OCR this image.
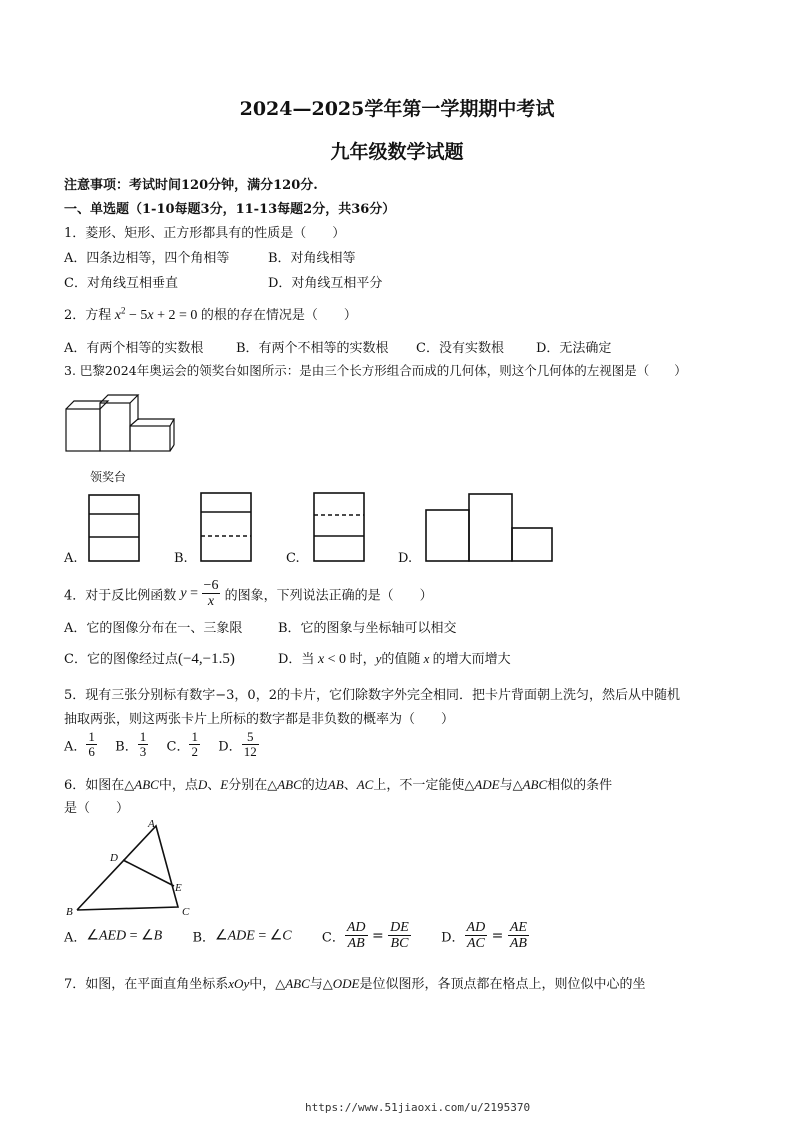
2024—2025学年第一学期期中考试
九年级数学试题
注意事项：考试时间120分钟，满分120分.
一、单选题（1-10每题3分，11-13每题2分，共36分）
1．菱形、矩形、正方形都具有的性质是（　　）
A．四条边相等，四个角相等	B．对角线相等
C．对角线互相垂直	D．对角线互相平分
2．方程 $x^2 - 5x + 2 = 0$ 的根的存在情况是（　　）
A．有两个相等的实数根	B．有两个不相等的实数根 C．没有实数根 D．无法确定
3. 巴黎2024年奥运会的领奖台如图所示：是由三个长方形组合而成的几何体，则这个几何体的左视图是（　　）
领奖台
A.	B.	C.	D.
4．对于反比例函数 $y = \frac{-6}{x}$ 的图象，下列说法正确的是（　　）
A．它的图像分布在一、三象限	B．它的图象与坐标轴可以相交
C．它的图像经过点(−4,−1.5)	D．当 x < 0 时，y的值随 x 的增大而增大
5．现有三张分别标有数字−3，0，2的卡片，它们除数字外完全相同．把卡片背面朝上洗匀，然后从中随机
抽取两张，则这两张卡片上所标的数字都是非负数的概率为（　　）
A． $\frac{1}{6}$ B． $\frac{1}{3}$ C． $\frac{1}{2}$ D． $\frac{5}{12}$
6．如图在△ABC中，点D、E分别在△ABC的边AB、AC上，不一定能使△ADE与△ABC相似的条件
是（　　）
A
D
E
B	C
A．∠AED = ∠B B．∠ADE = ∠C C． $\frac{AD}{AB} = \frac{DE}{BC}$ D． $\frac{AD}{AC} = \frac{AE}{AB}$
7．如图，在平面直角坐标系xOy中，△ABC与△ODE是位似图形，各顶点都在格点上，则位似中心的坐
https://www.51jiaoxi.com/u/2195370
